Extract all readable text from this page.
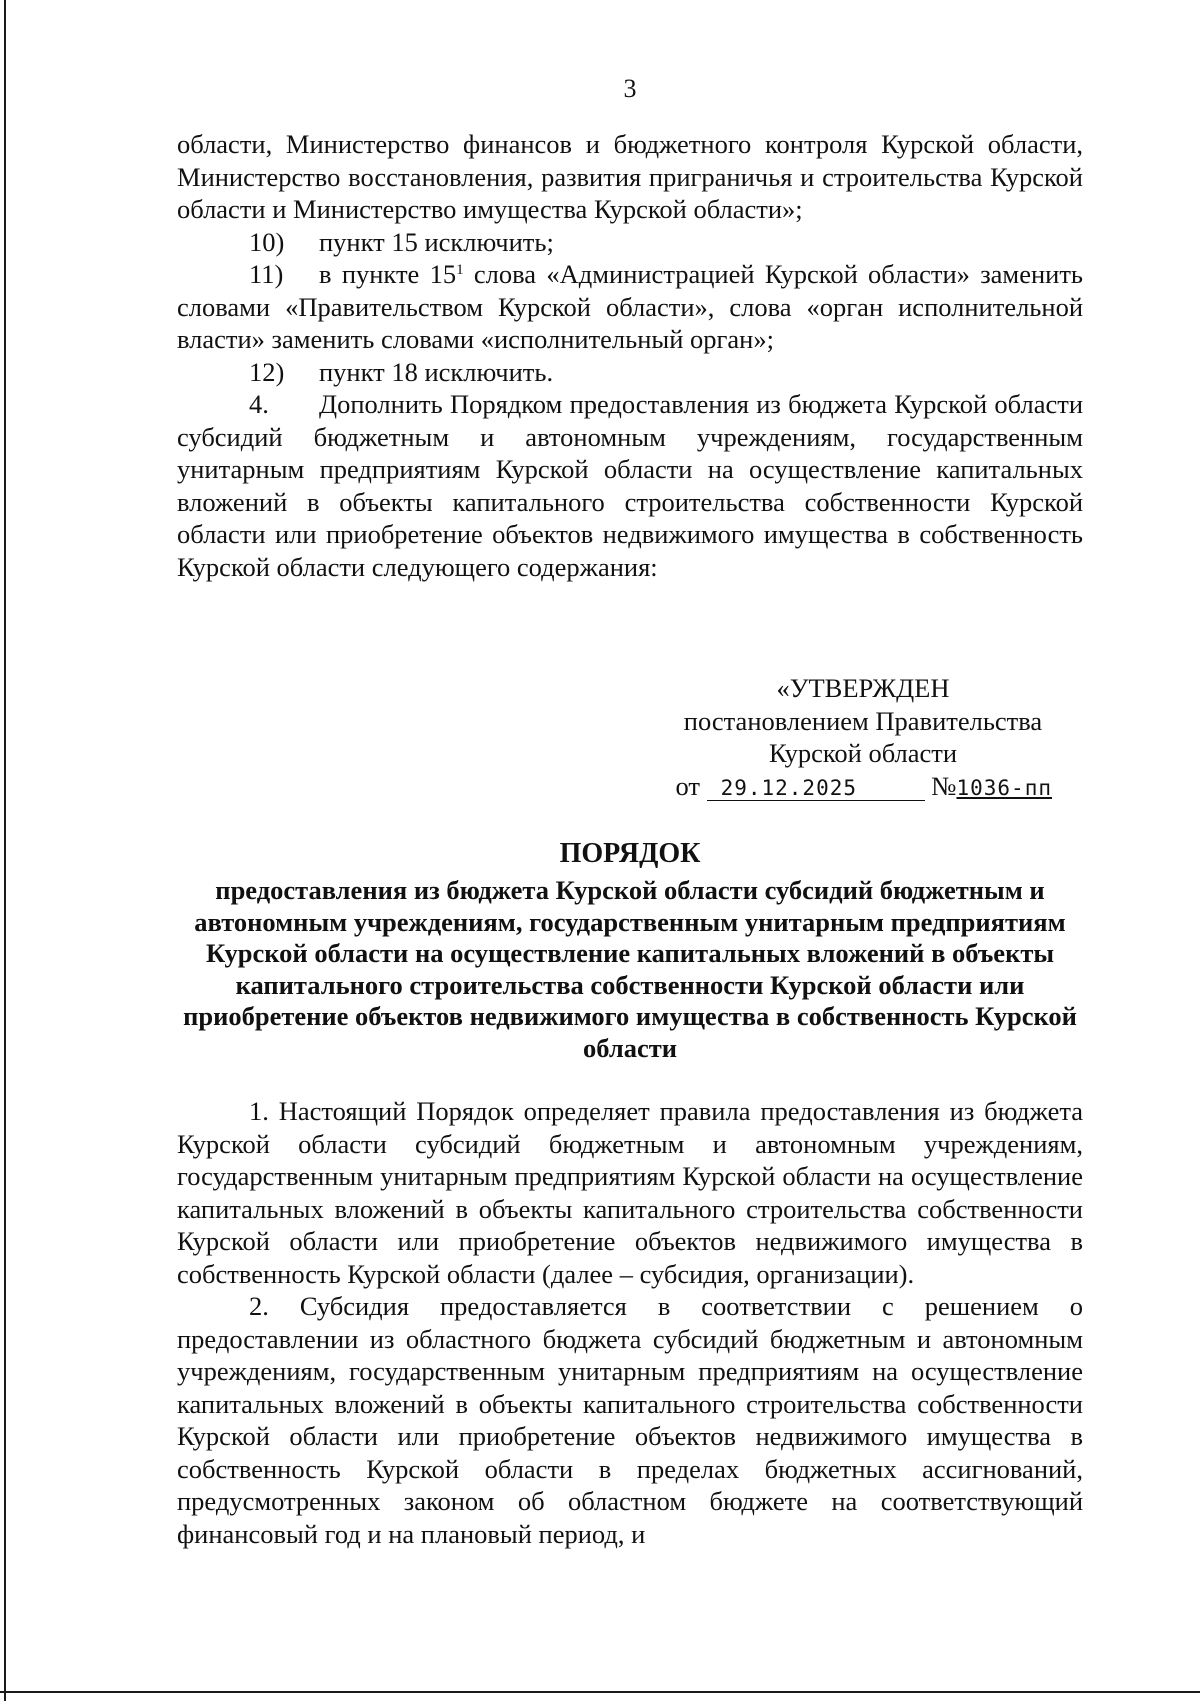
3

области, Министерство финансов и бюджетного контроля Курской области, Министерство восстановления, развития приграничья и строительства Курской области и Министерство имущества Курской области»;

10)	пункт 15 исключить;

11) в пункте $15^1$ слова «Администрацией Курской области» заменить словами «Правительством Курской области», слова «орган исполнительной власти» заменить словами «исполнительный орган»;

12)	пункт 18 исключить.

4. Дополнить Порядком предоставления из бюджета Курской области субсидий бюджетным и автономным учреждениям, государственным унитарным предприятиям Курской области на осуществление капитальных вложений в объекты капитального строительства собственности Курской области или приобретение объектов недвижимого имущества в собственность Курской области следующего содержания:

«УТВЕРЖДЕН
постановлением Правительства
Курской области
от 29.12.2025	№1036-пп
ПОРЯДОК
предоставления из бюджета Курской области субсидий бюджетным и автономным учреждениям, государственным унитарным предприятиям Курской области на осуществление капитальных вложений в объекты капитального строительства собственности Курской области или приобретение объектов недвижимого имущества в собственность Курской области

1. Настоящий Порядок определяет правила предоставления из бюджета Курской области субсидий бюджетным и автономным учреждениям, государственным унитарным предприятиям Курской области на осуществление капитальных вложений в объекты капитального строительства собственности Курской области или приобретение объектов недвижимого имущества в собственность Курской области (далее – субсидия, организации).

2. Субсидия предоставляется в соответствии с решением о предоставлении из областного бюджета субсидий бюджетным и автономным учреждениям, государственным унитарным предприятиям на осуществление капитальных вложений в объекты капитального строительства собственности Курской области или приобретение объектов недвижимого имущества в собственность Курской области в пределах бюджетных ассигнований, предусмотренных законом об областном бюджете на соответствующий финансовый год и на плановый период, и
